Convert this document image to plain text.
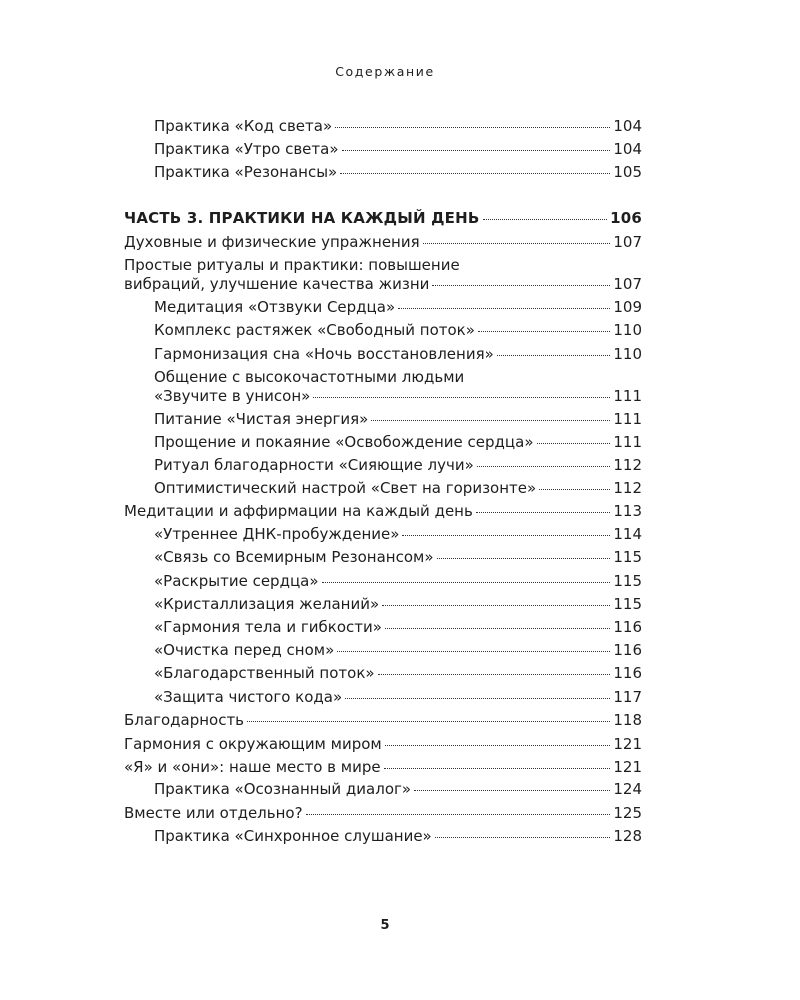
Содержание
Практика «Код света»	104
Практика «Утро света»	104
Практика «Резонансы»	105
ЧАСТЬ 3. ПРАКТИКИ НА КАЖДЫЙ ДЕНЬ	106
Духовные и физические упражнения	107
Простые ритуалы и практики: повышение
вибраций, улучшение качества жизни	107
Медитация «Отзвуки Сердца»	109
Комплекс растяжек «Свободный поток»	110
Гармонизация сна «Ночь восстановления»	110
Общение с высокочастотными людьми
«Звучите в унисон»	111
Питание «Чистая энергия»	111
Прощение и покаяние «Освобождение сердца»	111
Ритуал благодарности «Сияющие лучи»	112
Оптимистический настрой «Свет на горизонте»	112
Медитации и аффирмации на каждый день	113
«Утреннее ДНК-пробуждение»	114
«Связь со Всемирным Резонансом»	115
«Раскрытие сердца»	115
«Кристаллизация желаний»	115
«Гармония тела и гибкости»	116
«Очистка перед сном»	116
«Благодарственный поток»	116
«Защита чистого кода»	117
Благодарность	118
Гармония с окружающим миром	121
«Я» и «они»: наше место в мире	121
Практика «Осознанный диалог»	124
Вместе или отдельно?	125
Практика «Синхронное слушание»	128
5
